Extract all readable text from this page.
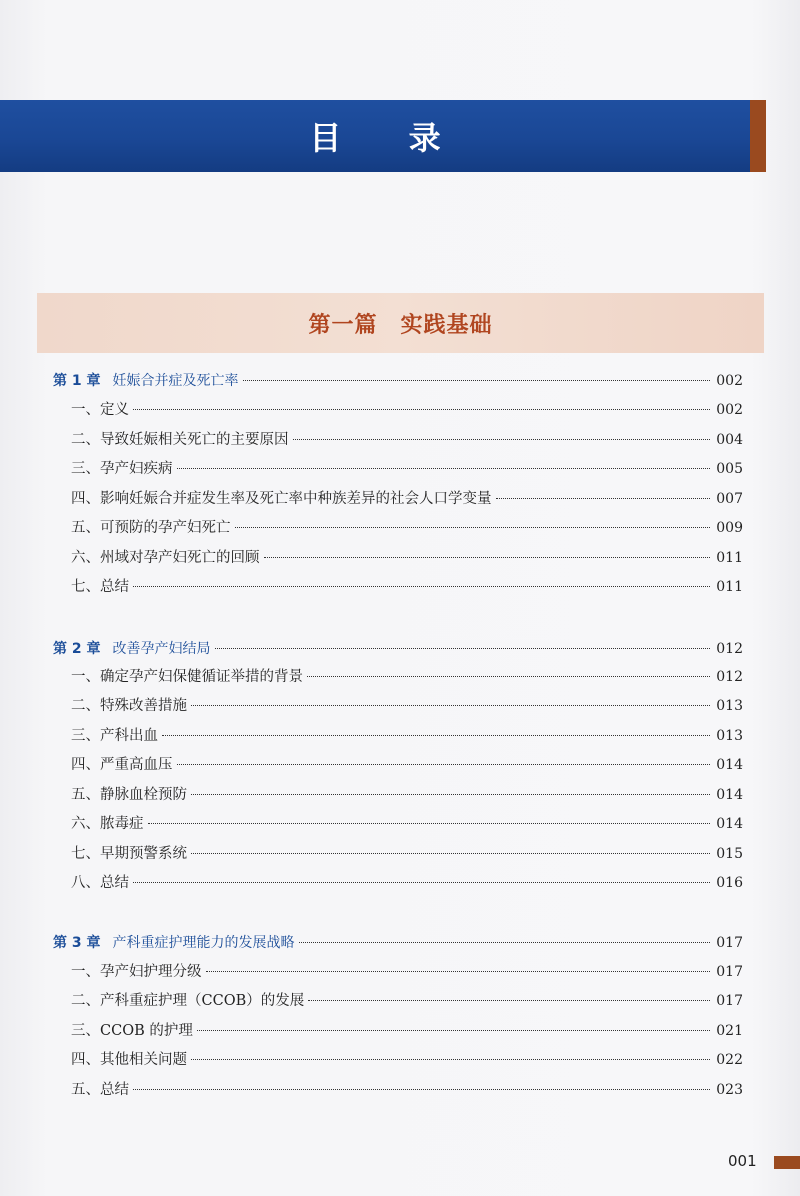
目 录
第一篇　实践基础
第 1 章 妊娠合并症及死亡率	002
一、定义	002
二、导致妊娠相关死亡的主要原因	004
三、孕产妇疾病	005
四、影响妊娠合并症发生率及死亡率中种族差异的社会人口学变量	007
五、可预防的孕产妇死亡	009
六、州域对孕产妇死亡的回顾	011
七、总结	011
第 2 章 改善孕产妇结局	012
一、确定孕产妇保健循证举措的背景	012
二、特殊改善措施	013
三、产科出血	013
四、严重高血压	014
五、静脉血栓预防	014
六、脓毒症	014
七、早期预警系统	015
八、总结	016
第 3 章 产科重症护理能力的发展战略	017
一、孕产妇护理分级	017
二、产科重症护理（CCOB）的发展	017
三、CCOB 的护理	021
四、其他相关问题	022
五、总结	023
001
